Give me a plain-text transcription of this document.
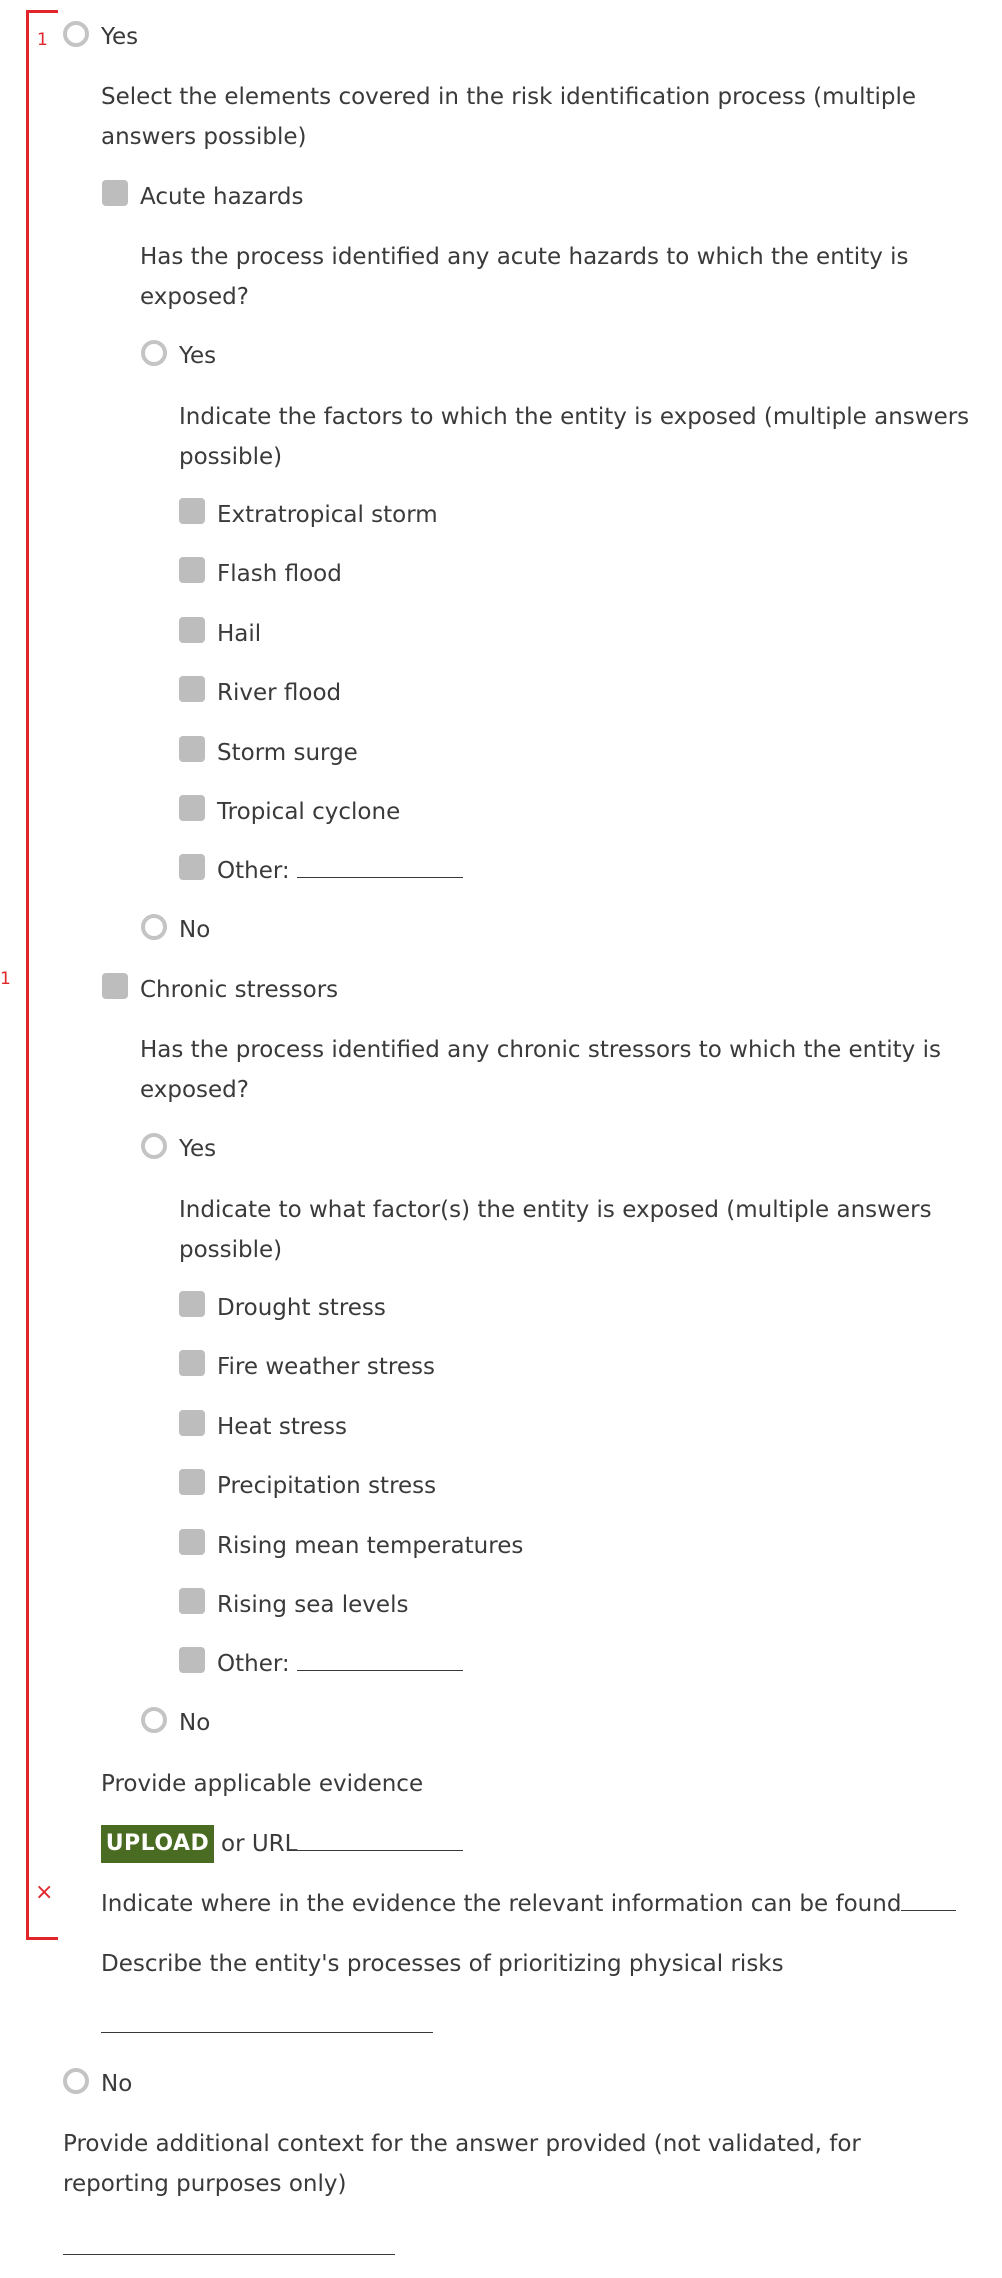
1
1
×
Yes
Select the elements covered in the risk identification process (multiple answers possible)
Acute hazards
Has the process identified any acute hazards to which the entity is exposed?
Yes
Indicate the factors to which the entity is exposed (multiple answers possible)
Extratropical storm
Flash flood
Hail
River flood
Storm surge
Tropical cyclone
Other:
No
Chronic stressors
Has the process identified any chronic stressors to which the entity is exposed?
Yes
Indicate to what factor(s) the entity is exposed (multiple answers possible)
Drought stress
Fire weather stress
Heat stress
Precipitation stress
Rising mean temperatures
Rising sea levels
Other:
No
Provide applicable evidence
UPLOAD or URL
Indicate where in the evidence the relevant information can be found
Describe the entity's processes of prioritizing physical risks
No
Provide additional context for the answer provided (not validated, for reporting purposes only)
